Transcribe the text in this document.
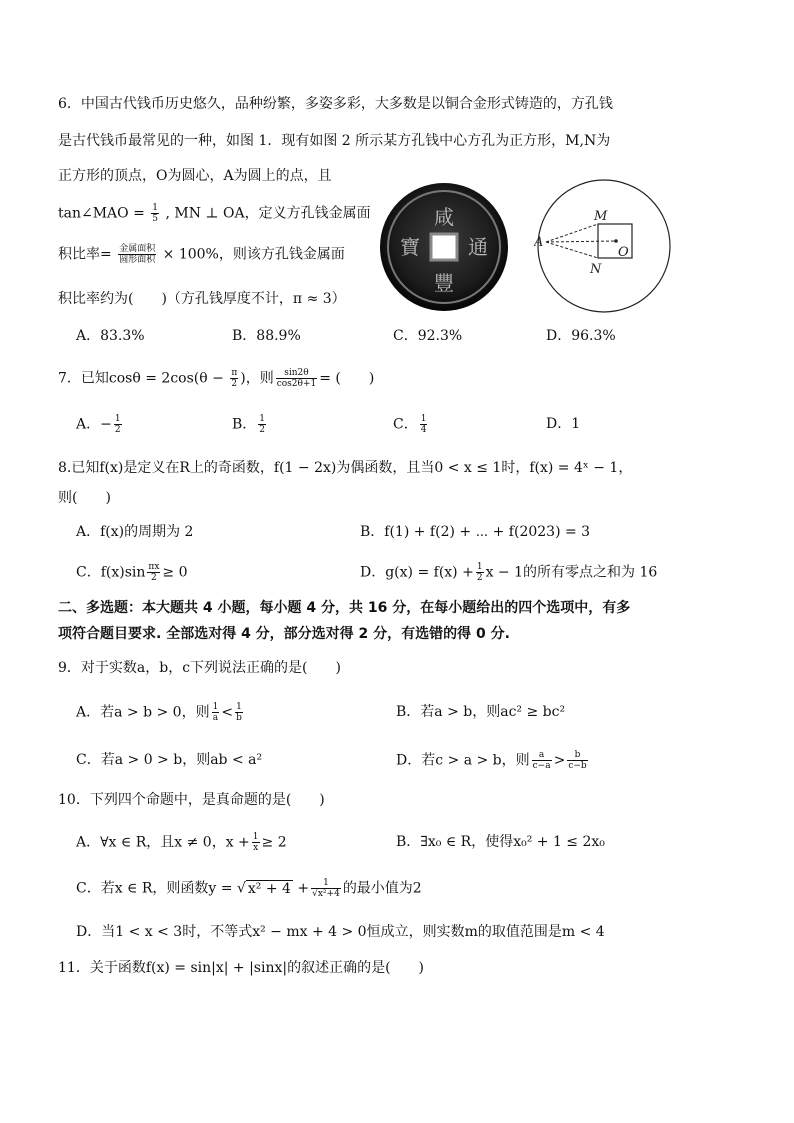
6．中国古代钱币历史悠久，品种纷繁，多姿多彩，大多数是以铜合金形式铸造的，方孔钱
是古代钱币最常见的一种，如图 1．现有如图 2 所示某方孔钱中心方孔为正方形，M,N为
正方形的顶点，O为圆心，A为圆上的点，且
tan∠MAO = $\frac{1}{5}$ , MN ⊥ OA，定义方孔钱金属面
积比率= $\frac{\text{金属面积}}{\text{圆形面积}} \times 100\%$，则该方孔钱金属面
积比率约为(　　)（方孔钱厚度不计，π ≈ 3）
咸
通
寶
豐
M
N
O
A
A．83.3%	B．88.9%	C．92.3%	D．96.3%
7．已知$\cos\theta = 2\cos(\theta - \frac{\pi}{2}$ )，则 $\frac{\sin 2\theta}{\cos 2\theta+1}$ = (　　)
A．− $\frac{1}{2}$	B． $\frac{1}{2}$	C． $\frac{1}{4}$	D．1
8.已知f(x)是定义在R上的奇函数，f(1 − 2x)为偶函数，且当0 < x ≤ 1时，f(x) = 4ˣ − 1，
则(　　)
A．f(x)的周期为 2	B．f(1) + f(2) + ⋯ + f(2023) = 3
C．$f(x)\sin \frac{\pi x}{2} \ge 0$	D．$g(x) = f(x) + \frac{1}{2}$ x − 1的所有零点之和为 16
二、多选题：本大题共 4 小题，每小题 4 分，共 16 分，在每小题给出的四个选项中，有多
项符合题目要求. 全部选对得 4 分，部分选对得 2 分，有选错的得 0 分.
9．对于实数a，b，c下列说法正确的是(　　)
A．若a > b > 0，则 $\frac{1}{a} < \frac{1}{b}$	B．若a > b，则ac² ≥ bc²
C．若a > 0 > b，则ab < a²	D．若c > a > b，则 $\frac{a}{c-a} > \frac{b}{c-b}$
10．下列四个命题中，是真命题的是(　　)
A．∀x ∈ R，且x ≠ 0，$x + \frac{1}{x} \ge 2$	B．∃x₀ ∈ R，使得x₀² + 1 ≤ 2x₀
C．若x ∈ R，则函数y = √ $x^2 + 4 + \frac{1}{\text{√x²+4}}$ 的最小值为2
D．当1 < x < 3时，不等式x² − mx + 4 > 0恒成立，则实数m的取值范围是m < 4
11．关于函数f(x) = sin|x| + |sinx|的叙述正确的是(　　)
